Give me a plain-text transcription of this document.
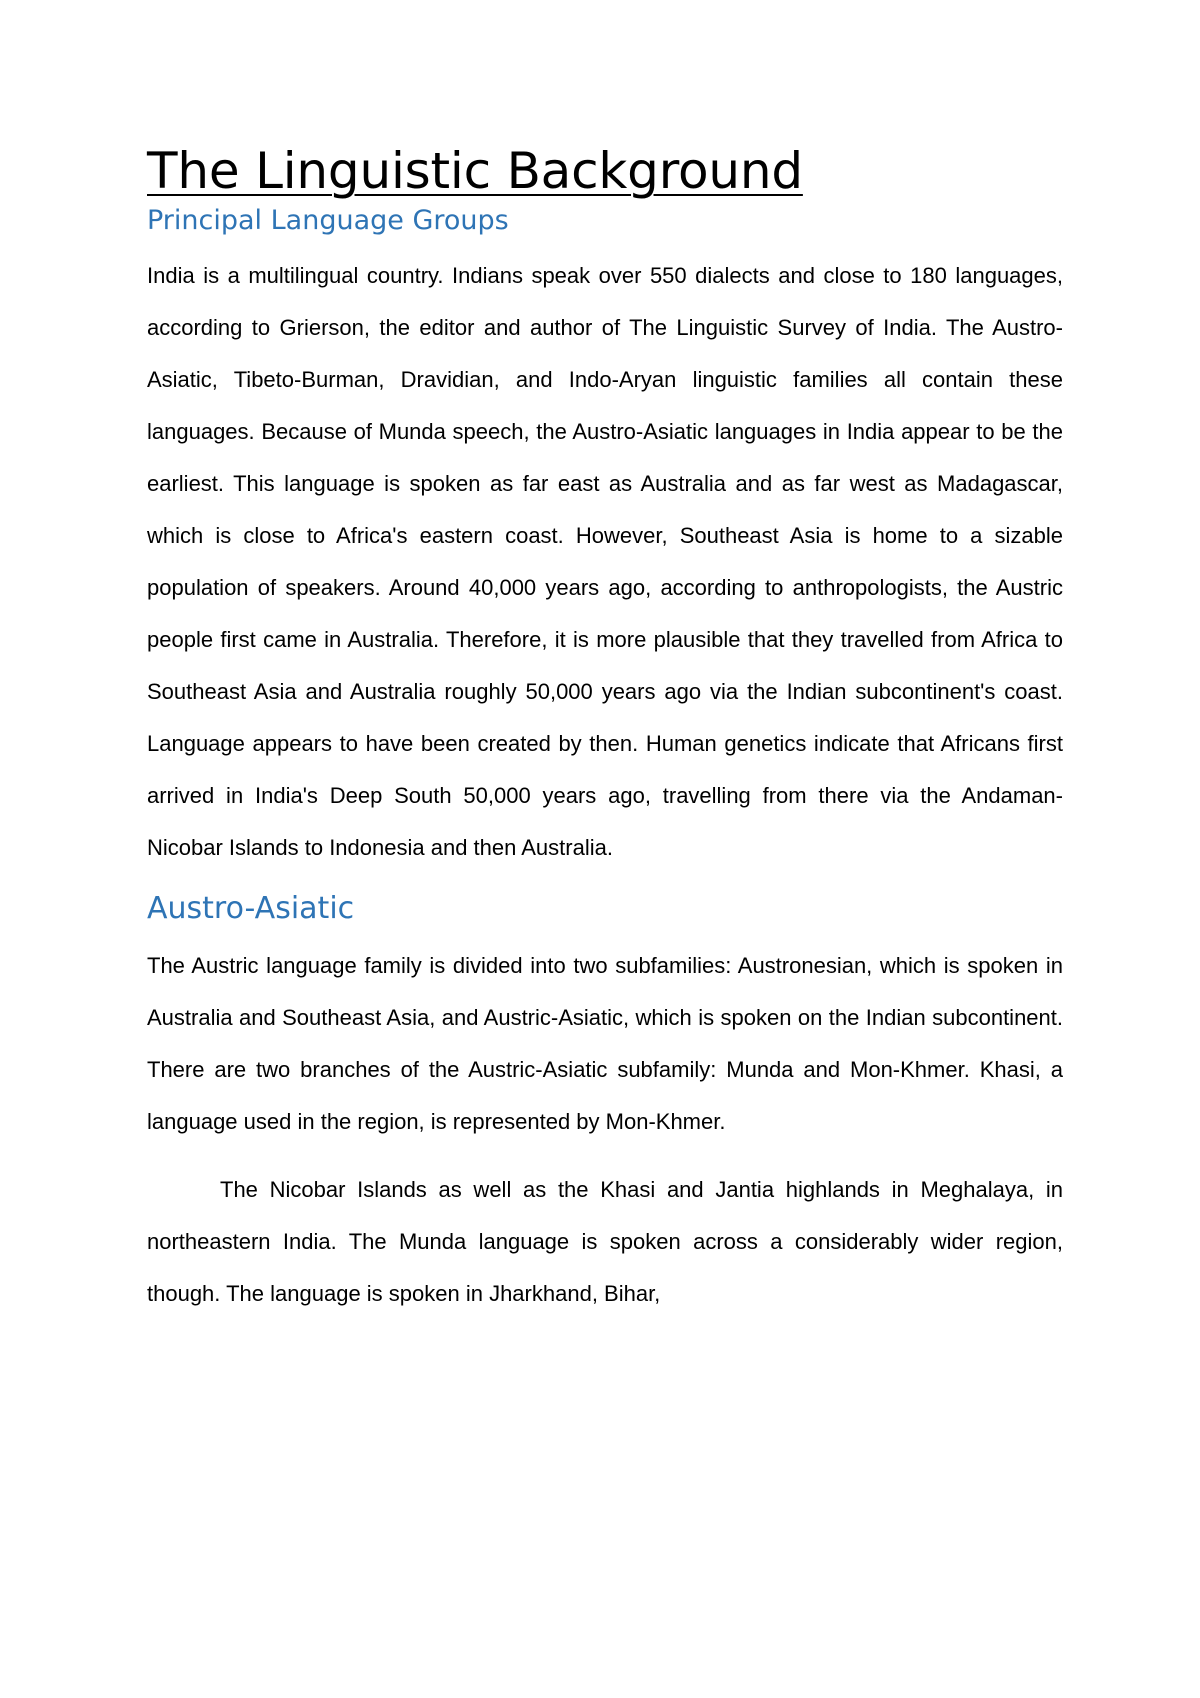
The Linguistic Background
Principal Language Groups

India is a multilingual country. Indians speak over 550 dialects and close to 180 languages, according to Grierson, the editor and author of The Linguistic Survey of India. The Austro-Asiatic, Tibeto-Burman, Dravidian, and Indo-Aryan linguistic families all contain these languages. Because of Munda speech, the Austro-Asiatic languages in India appear to be the earliest. This language is spoken as far east as Australia and as far west as Madagascar, which is close to Africa's eastern coast. However, Southeast Asia is home to a sizable population of speakers. Around 40,000 years ago, according to anthropologists, the Austric people first came in Australia. Therefore, it is more plausible that they travelled from Africa to Southeast Asia and Australia roughly 50,000 years ago via the Indian subcontinent's coast. Language appears to have been created by then. Human genetics indicate that Africans first arrived in India's Deep South 50,000 years ago, travelling from there via the Andaman-Nicobar Islands to Indonesia and then Australia.

Austro-Asiatic

The Austric language family is divided into two subfamilies: Austronesian, which is spoken in Australia and Southeast Asia, and Austric-Asiatic, which is spoken on the Indian subcontinent. There are two branches of the Austric-Asiatic subfamily: Munda and Mon-Khmer. Khasi, a language used in the region, is represented by Mon-Khmer.

The Nicobar Islands as well as the Khasi and Jantia highlands in Meghalaya, in northeastern India. The Munda language is spoken across a considerably wider region, though. The language is spoken in Jharkhand, Bihar,
